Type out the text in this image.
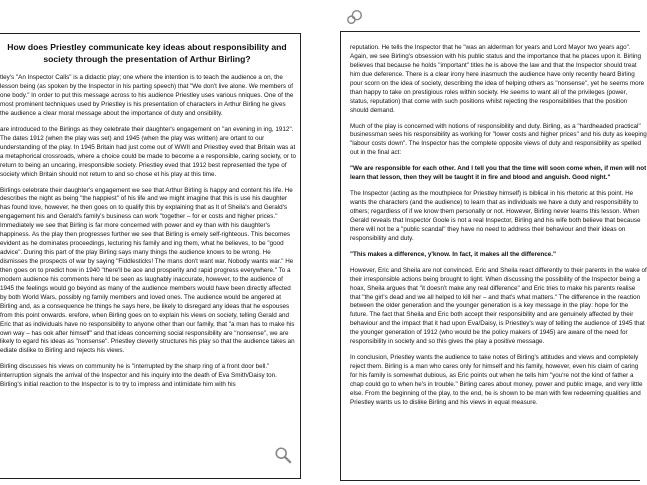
How does Priestley communicate key ideas about responsibility and society through the presentation of Arthur Birling?

tley's "An Inspector Calls" is a didactic play; one where the intention is to teach the audience a on, the lesson being (as spoken by the Inspector in his parting speech) that "We don't live alone. We members of one body." In order to put this message across to his audience Priestley uses various nniques. One of the most prominent techniques used by Priestley is his presentation of characters in Arthur Birling he gives the audience a clear moral message about the importance of duty and onsibility.

are introduced to the Birlings as they celebrate their daughter's engagement on "an evening in ing, 1912". The dates 1912 (when the play was set) and 1945 (when the play was written) are ortant to our understanding of the play. In 1945 Britain had just come out of WWII and Priestley eved that Britain was at a metaphorical crossroads, where a choice could be made to become a e responsible, caring society, or to return to being an uncaring, irresponsible society. Priestley eved that 1912 best represented the type of society which Britain should not return to and so chose et his play at this time.

Birlings celebrate their daughter's engagement we see that Arthur Birling is happy and content his life. He describes the night as being "the happiest" of his life and we might imagine that this is use his daughter has found love, however, he then goes on to qualify this by explaining that as lt of Sheila's and Gerald's engagement his and Gerald's family's business can work "together – for er costs and higher prices." Immediately we see that Birling is far more concerned with power and ey than with his daughter's happiness. As the play then progresses further we see that Birling is emely self-righteous. This becomes evident as he dominates proceedings, lecturing his family and ing them, what he believes, to be "good advice". During this part of the play Birling says many things the audience knows to be wrong. He dismisses the prospects of war by saying "Fiddlesticks! The mans don't want war. Nobody wants war." He then goes on to predict how in 1940 "there'll be ace and prosperity and rapid progress everywhere." To a modern audience his comments here ld be seen as laughably inaccurate, however, to the audience of 1945 the feelings would go beyond as many of the audience members would have been directly affected by both World Wars, possibly ng family members and loved ones. The audience would be angered at Birling and, as a consequence he things he says here, be likely to disregard any ideas that he espouses from this point onwards. erefore, when Birling goes on to explain his views on society, telling Gerald and Eric that as individuals have no responsibility to anyone other than our family, that "a man has to make his own way – has ook after himself" and that ideas concerning social responsibility are "nonsense", we are likely to egard his ideas as "nonsense". Priestley cleverly structures his play so that the audience takes an ediate dislike to Birling and rejects his views.

Birling discusses his views on community he is "interrupted by the sharp ring of a front door bell." interruption signals the arrival of the Inspector and his inquiry into the death of Eva Smith/Daisy ton. Birling's initial reaction to the Inspector is to try to impress and intimidate him with his

reputation. He tells the Inspector that he "was an alderman for years and Lord Mayor two years ago". Again, we see Birling's obsession with his public status and the importance that he places upon it. Birling believes that because he holds "important" titles he is above the law and that the Inspector should treat him due deference. There is a clear irony here inasmuch the audience have only recently heard Birling pour scorn on the idea of society, describing the idea of helping others as "nonsense", yet he seems more than happy to take on prestigious roles within society. He seems to want all of the privileges (power, status, reputation) that come with such positions whilst rejecting the responsibilities that the position should demand.

Much of the play is concerned with notions of responsibility and duty. Birling, as a "hardheaded practical" businessman sees his responsibility as working for "lower costs and higher prices" and his duty as keeping "labour costs down". The Inspector has the complete opposite views of duty and responsibility as spelled out in the final act:

"We are responsible for each other. And I tell you that the time will soon come when, if men will not learn that lesson, then they will be taught it in fire and blood and anguish. Good night."

The Inspector (acting as the mouthpiece for Priestley himself) is biblical in his rhetoric at this point. He wants the characters (and the audience) to learn that as individuals we have a duty and responsibility to others; regardless of if we know them personally or not. However, Birling never learns this lesson. When Gerald reveals that Inspector Goole is not a real Inspector, Birling and his wife both believe that because there will not be a "public scandal" they have no need to address their behaviour and their ideas on responsibility and duty.

"This makes a difference, y'know. In fact, it makes all the difference."

However, Eric and Sheila are not convinced. Eric and Sheila react differently to their parents in the wake of their irresponsible actions being brought to light. When discussing the possibility of the Inspector being a hoax, Sheila argues that "it doesn't make any real difference" and Eric tries to make his parents realise that "the girl's dead and we all helped to kill her – and that's what matters." The difference in the reaction between the older generation and the younger generation is a key message in the play: hope for the future. The fact that Sheila and Eric both accept their responsibility and are genuinely affected by their behaviour and the impact that it had upon Eva/Daisy, is Priestley's way of telling the audience of 1945 that the younger generation of 1912 (who would be the policy makers of 1945) are aware of the need for responsibility in society and so this gives the play a positive message.

In conclusion, Priestley wants the audience to take notes of Birling's attitudes and views and completely reject them. Birling is a man who cares only for himself and his family, however, even his claim of caring for his family is somewhat dubious, as Eric points out when he tells him "you're not the kind of father a chap could go to when he's in trouble." Birling cares about money, power and public image, and very little else. From the beginning of the play, to the end, he is shown to be man with few redeeming qualities and Priestley wants us to dislike Birling and his views in equal measure.
